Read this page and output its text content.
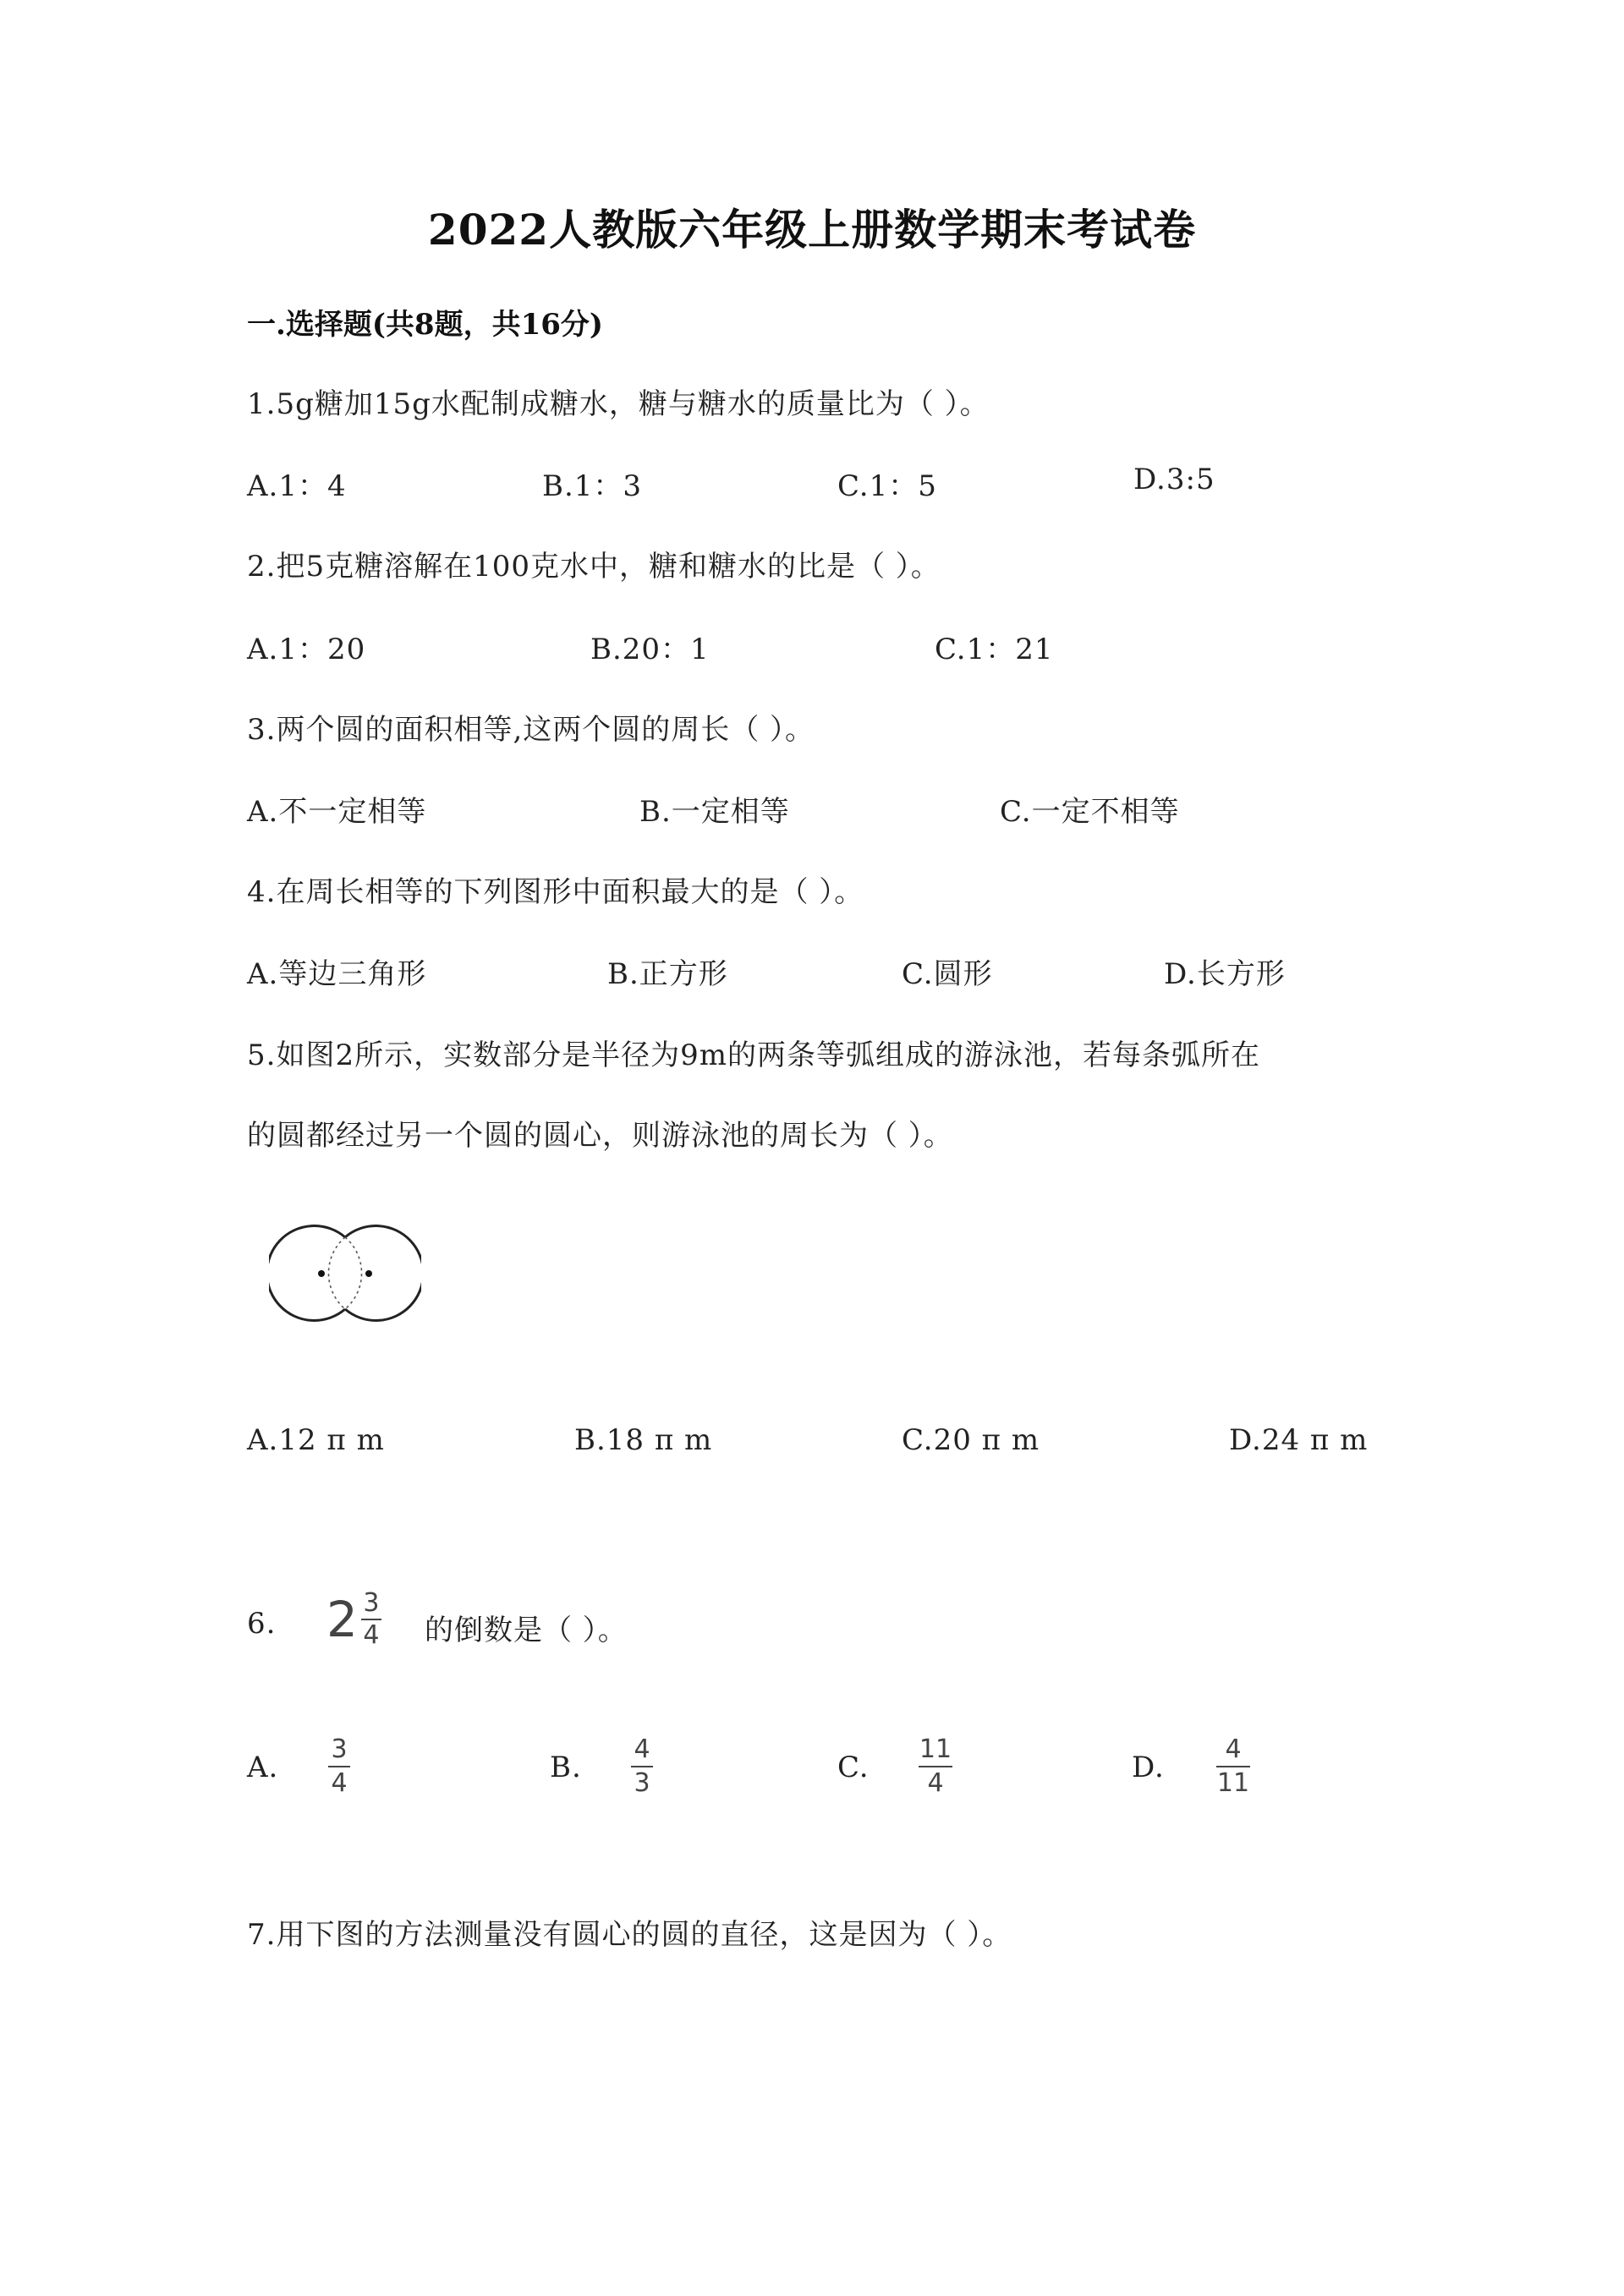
2022人教版六年级上册数学期末考试卷
一.选择题(共8题，共16分)
1.5g糖加15g水配制成糖水，糖与糖水的质量比为（ ）。
A.1：4	B.1：3	C.1：5	D.3:5
2.把5克糖溶解在100克水中，糖和糖水的比是（ ）。
A.1：20	B.20：1	C.1：21
3.两个圆的面积相等,这两个圆的周长（ ）。
A.不一定相等	B.一定相等	C.一定不相等
4.在周长相等的下列图形中面积最大的是（ ）。
A.等边三角形	B.正方形	C.圆形	D.长方形
5.如图2所示，实数部分是半径为9m的两条等弧组成的游泳池，若每条弧所在
的圆都经过另一个圆的圆心，则游泳池的周长为（ ）。
A.12 π m	B.18 π m	C.20 π m	D.24 π m
6. 2 3
4 的倒数是（ ）。
A.
3
4	B.
4
3	C.
11
4	D.
4
11
7.用下图的方法测量没有圆心的圆的直径，这是因为（ ）。
